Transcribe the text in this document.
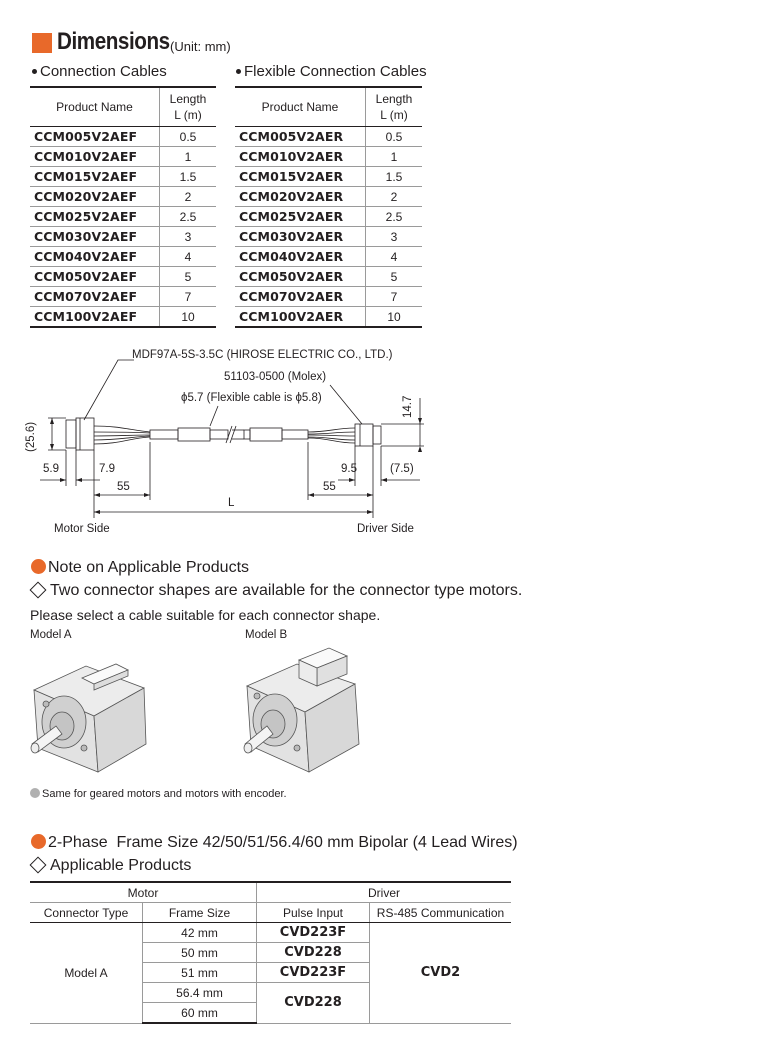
Dimensions (Unit: mm)
Connection Cables
Product Name	Length
L (m)
CCM005V2AEF	0.5
CCM010V2AEF	1
CCM015V2AEF	1.5
CCM020V2AEF	2
CCM025V2AEF	2.5
CCM030V2AEF	3
CCM040V2AEF	4
CCM050V2AEF	5
CCM070V2AEF	7
CCM100V2AEF	10
Flexible Connection Cables
Product Name	Length
L (m)
CCM005V2AER	0.5
CCM010V2AER	1
CCM015V2AER	1.5
CCM020V2AER	2
CCM025V2AER	2.5
CCM030V2AER	3
CCM040V2AER	4
CCM050V2AER	5
CCM070V2AER	7
CCM100V2AER	10
MDF97A-5S-3.5C (HIROSE ELECTRIC CO., LTD.)
51103-0500 (Molex)
ϕ5.7 (Flexible cable is ϕ5.8)
(25.6)
14.7
5.9	7.9	9.5	(7.5)
55	55
L
Motor Side	Driver Side
Note on Applicable Products
Two connector shapes are available for the connector type motors.
Please select a cable suitable for each connector shape.
Model A	Model B
Same for geared motors and motors with encoder.
2-Phase  Frame Size 42/50/51/56.4/60 mm Bipolar (4 Lead Wires)
Applicable Products
Motor		Driver	
Connector Type	Frame Size	Pulse Input	RS-485 Communication
Model A	42 mm	CVD223F	CVD2
	50 mm	CVD228	
	51 mm	CVD223F	
	56.4 mm	CVD228	
	60 mm		
